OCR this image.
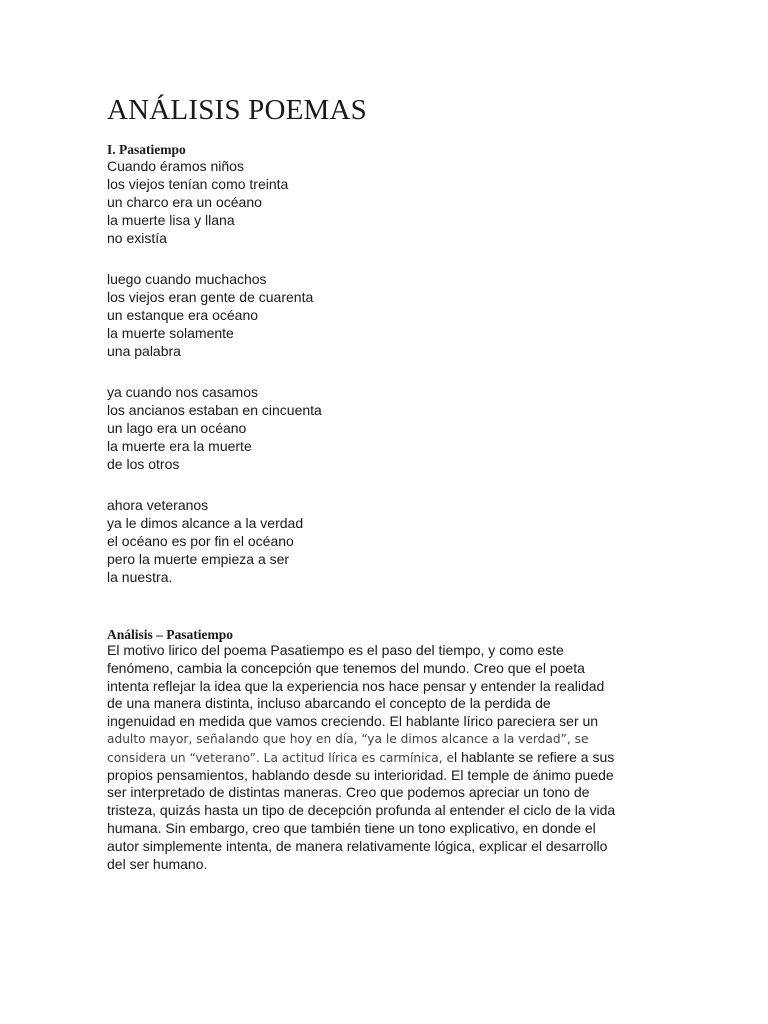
ANÁLISIS POEMAS
I. Pasatiempo
Cuando éramos niños
los viejos tenían como treinta
un charco era un océano
la muerte lisa y llana
no existía
luego cuando muchachos
los viejos eran gente de cuarenta
un estanque era océano
la muerte solamente
una palabra
ya cuando nos casamos
los ancianos estaban en cincuenta
un lago era un océano
la muerte era la muerte
de los otros
ahora veteranos
ya le dimos alcance a la verdad
el océano es por fin el océano
pero la muerte empieza a ser
la nuestra.
Análisis – Pasatiempo
El motivo lirico del poema Pasatiempo es el paso del tiempo, y como este
fenómeno, cambia la concepción que tenemos del mundo. Creo que el poeta
intenta reflejar la idea que la experiencia nos hace pensar y entender la realidad
de una manera distinta, incluso abarcando el concepto de la perdida de
ingenuidad en medida que vamos creciendo. El hablante lírico pareciera ser un
adulto mayor, señalando que hoy en día, “ya le dimos alcance a la verdad”, se
considera un “veterano”. La actitud lírica es carmínica, el hablante se refiere a sus
propios pensamientos, hablando desde su interioridad. El temple de ánimo puede
ser interpretado de distintas maneras. Creo que podemos apreciar un tono de
tristeza, quizás hasta un tipo de decepción profunda al entender el ciclo de la vida
humana. Sin embargo, creo que también tiene un tono explicativo, en donde el
autor simplemente intenta, de manera relativamente lógica, explicar el desarrollo
del ser humano.
